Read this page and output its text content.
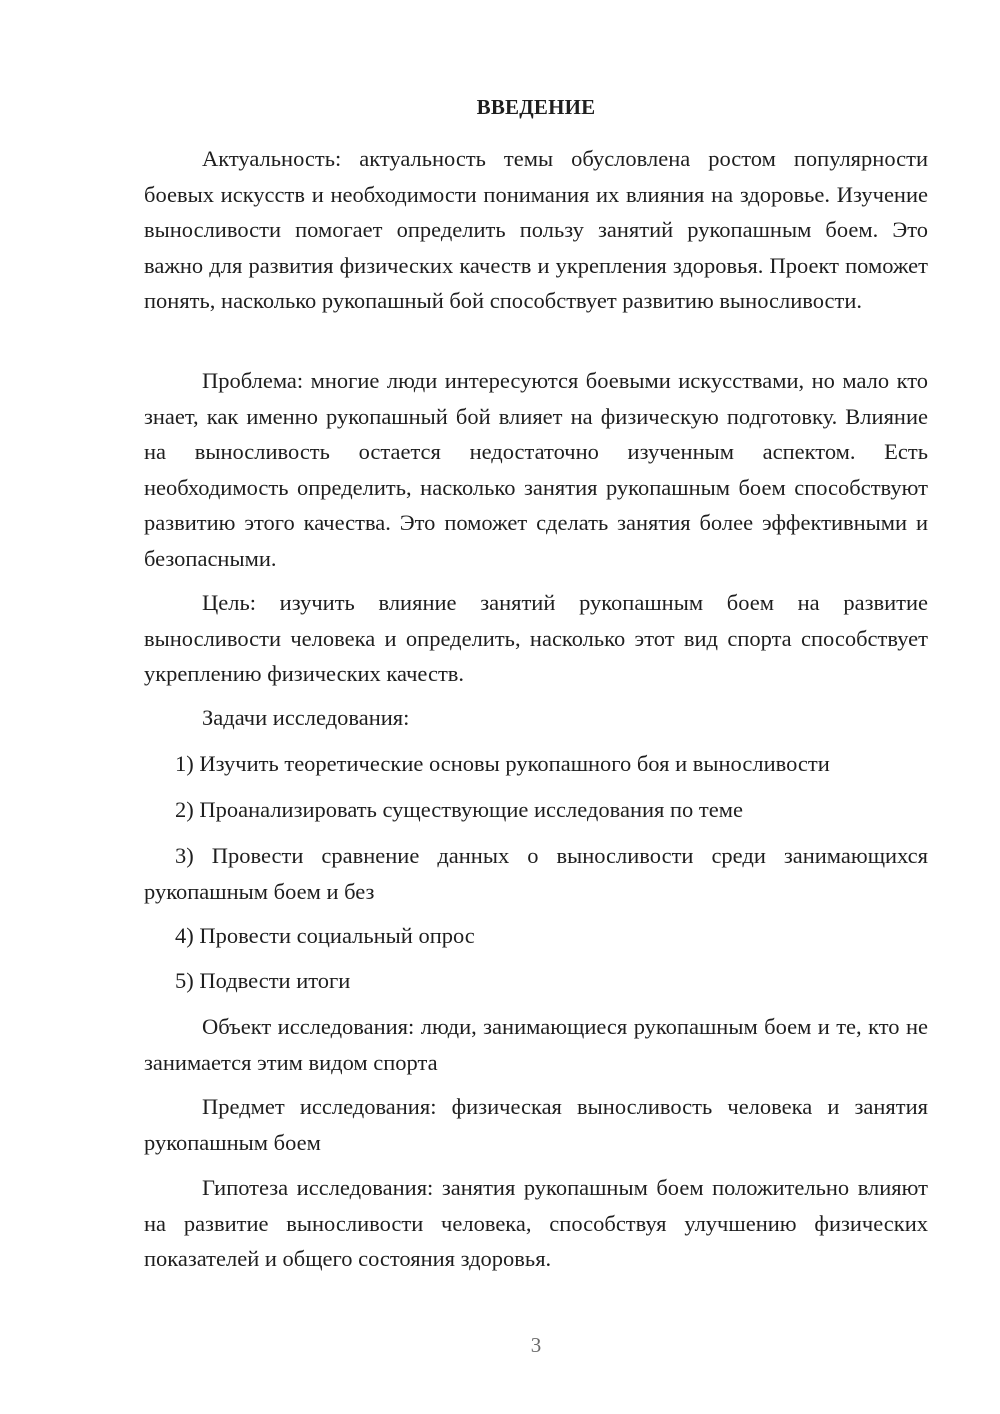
ВВЕДЕНИЕ

Актуальность: актуальность темы обусловлена ростом популярности боевых искусств и необходимости понимания их влияния на здоровье. Изучение выносливости помогает определить пользу занятий рукопашным боем. Это важно для развития физических качеств и укрепления здоровья. Проект поможет понять, насколько рукопашный бой способствует развитию выносливости.

Проблема: многие люди интересуются боевыми искусствами, но мало кто знает, как именно рукопашный бой влияет на физическую подготовку. Влияние на выносливость остается недостаточно изученным аспектом. Есть необходимость определить, насколько занятия рукопашным боем способствуют развитию этого качества. Это поможет сделать занятия более эффективными и безопасными.

Цель: изучить влияние занятий рукопашным боем на развитие выносливости человека и определить, насколько этот вид спорта способствует укреплению физических качеств.

Задачи исследования:

1) Изучить теоретические основы рукопашного боя и выносливости

2) Проанализировать существующие исследования по теме

3) Провести сравнение данных о выносливости среди занимающихся рукопашным боем и без

4) Провести социальный опрос

5) Подвести итоги

Объект исследования: люди, занимающиеся рукопашным боем и те, кто не занимается этим видом спорта

Предмет исследования: физическая выносливость человека и занятия рукопашным боем

Гипотеза исследования: занятия рукопашным боем положительно влияют на развитие выносливости человека, способствуя улучшению физических показателей и общего состояния здоровья.

3
